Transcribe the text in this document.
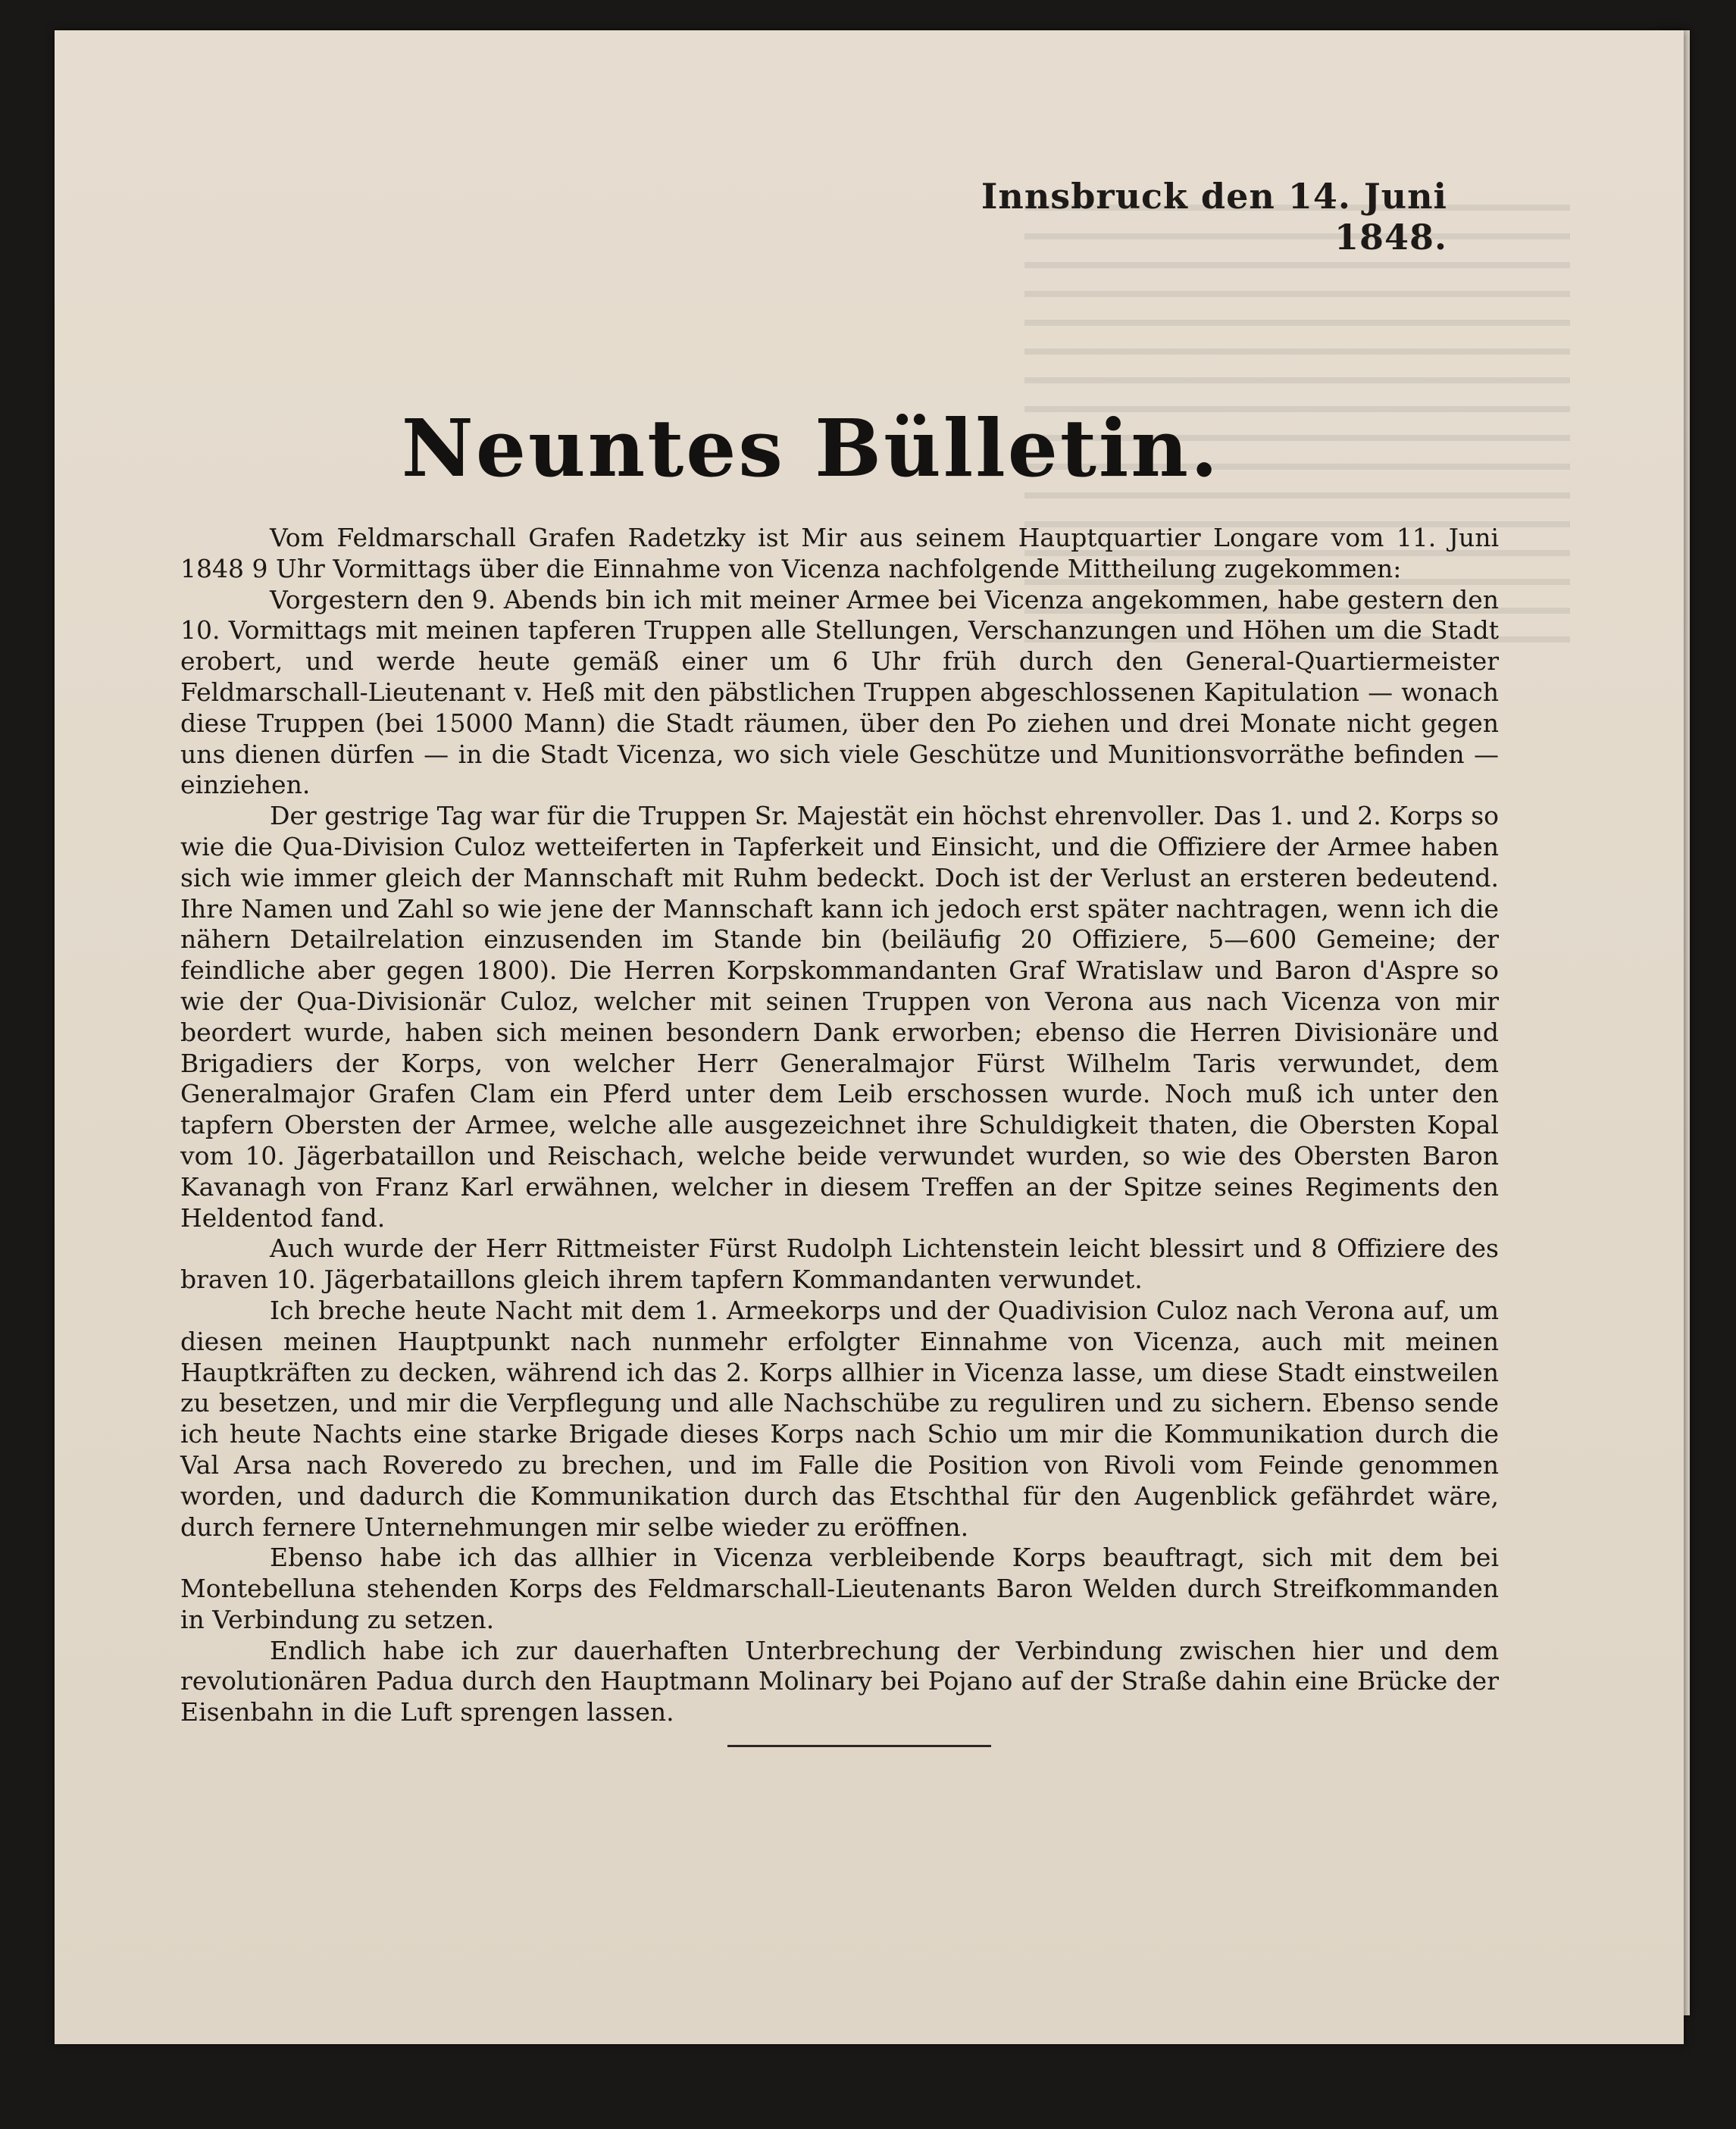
Innsbruck den 14. Juni 1848.
Neuntes Bülletin.

Vom Feldmarschall Grafen Radetzky ist Mir aus seinem Hauptquartier Longare vom 11. Juni 1848 9 Uhr Vormittags über die Einnahme von Vicenza nachfolgende Mittheilung zugekommen:

Vorgestern den 9. Abends bin ich mit meiner Armee bei Vicenza angekommen, habe gestern den 10. Vormittags mit meinen tapferen Truppen alle Stellungen, Verschanzungen und Höhen um die Stadt erobert, und werde heute gemäß einer um 6 Uhr früh durch den General-Quartiermeister Feldmarschall-Lieutenant v. Heß mit den päbstlichen Truppen abgeschlossenen Kapitulation — wonach diese Truppen (bei 15000 Mann) die Stadt räumen, über den Po ziehen und drei Monate nicht gegen uns dienen dürfen — in die Stadt Vicenza, wo sich viele Geschütze und Munitionsvorräthe befinden — einziehen.

Der gestrige Tag war für die Truppen Sr. Majestät ein höchst ehrenvoller. Das 1. und 2. Korps so wie die Qua-Division Culoz wetteiferten in Tapferkeit und Einsicht, und die Offiziere der Armee haben sich wie immer gleich der Mannschaft mit Ruhm bedeckt. Doch ist der Verlust an ersteren bedeutend. Ihre Namen und Zahl so wie jene der Mannschaft kann ich jedoch erst später nachtragen, wenn ich die nähern Detailrelation einzusenden im Stande bin (beiläufig 20 Offiziere, 5—600 Gemeine; der feindliche aber gegen 1800). Die Herren Korpskommandanten Graf Wratislaw und Baron d'Aspre so wie der Qua-Divisionär Culoz, welcher mit seinen Truppen von Verona aus nach Vicenza von mir beordert wurde, haben sich meinen besondern Dank erworben; ebenso die Herren Divisionäre und Brigadiers der Korps, von welcher Herr Generalmajor Fürst Wilhelm Taris verwundet, dem Generalmajor Grafen Clam ein Pferd unter dem Leib erschossen wurde. Noch muß ich unter den tapfern Obersten der Armee, welche alle ausgezeichnet ihre Schuldigkeit thaten, die Obersten Kopal vom 10. Jägerbataillon und Reischach, welche beide verwundet wurden, so wie des Obersten Baron Kavanagh von Franz Karl erwähnen, welcher in diesem Treffen an der Spitze seines Regiments den Heldentod fand.

Auch wurde der Herr Rittmeister Fürst Rudolph Lichtenstein leicht blessirt und 8 Offiziere des braven 10. Jägerbataillons gleich ihrem tapfern Kommandanten verwundet.

Ich breche heute Nacht mit dem 1. Armeekorps und der Quadivision Culoz nach Verona auf, um diesen meinen Hauptpunkt nach nunmehr erfolgter Einnahme von Vicenza, auch mit meinen Hauptkräften zu decken, während ich das 2. Korps allhier in Vicenza lasse, um diese Stadt einstweilen zu besetzen, und mir die Verpflegung und alle Nachschübe zu reguliren und zu sichern. Ebenso sende ich heute Nachts eine starke Brigade dieses Korps nach Schio um mir die Kommunikation durch die Val Arsa nach Roveredo zu brechen, und im Falle die Position von Rivoli vom Feinde genommen worden, und dadurch die Kommunikation durch das Etschthal für den Augenblick gefährdet wäre, durch fernere Unternehmungen mir selbe wieder zu eröffnen.

Ebenso habe ich das allhier in Vicenza verbleibende Korps beauftragt, sich mit dem bei Montebelluna stehenden Korps des Feldmarschall-Lieutenants Baron Welden durch Streifkommanden in Verbindung zu setzen.

Endlich habe ich zur dauerhaften Unterbrechung der Verbindung zwischen hier und dem revolutionären Padua durch den Hauptmann Molinary bei Pojano auf der Straße dahin eine Brücke der Eisenbahn in die Luft sprengen lassen.
